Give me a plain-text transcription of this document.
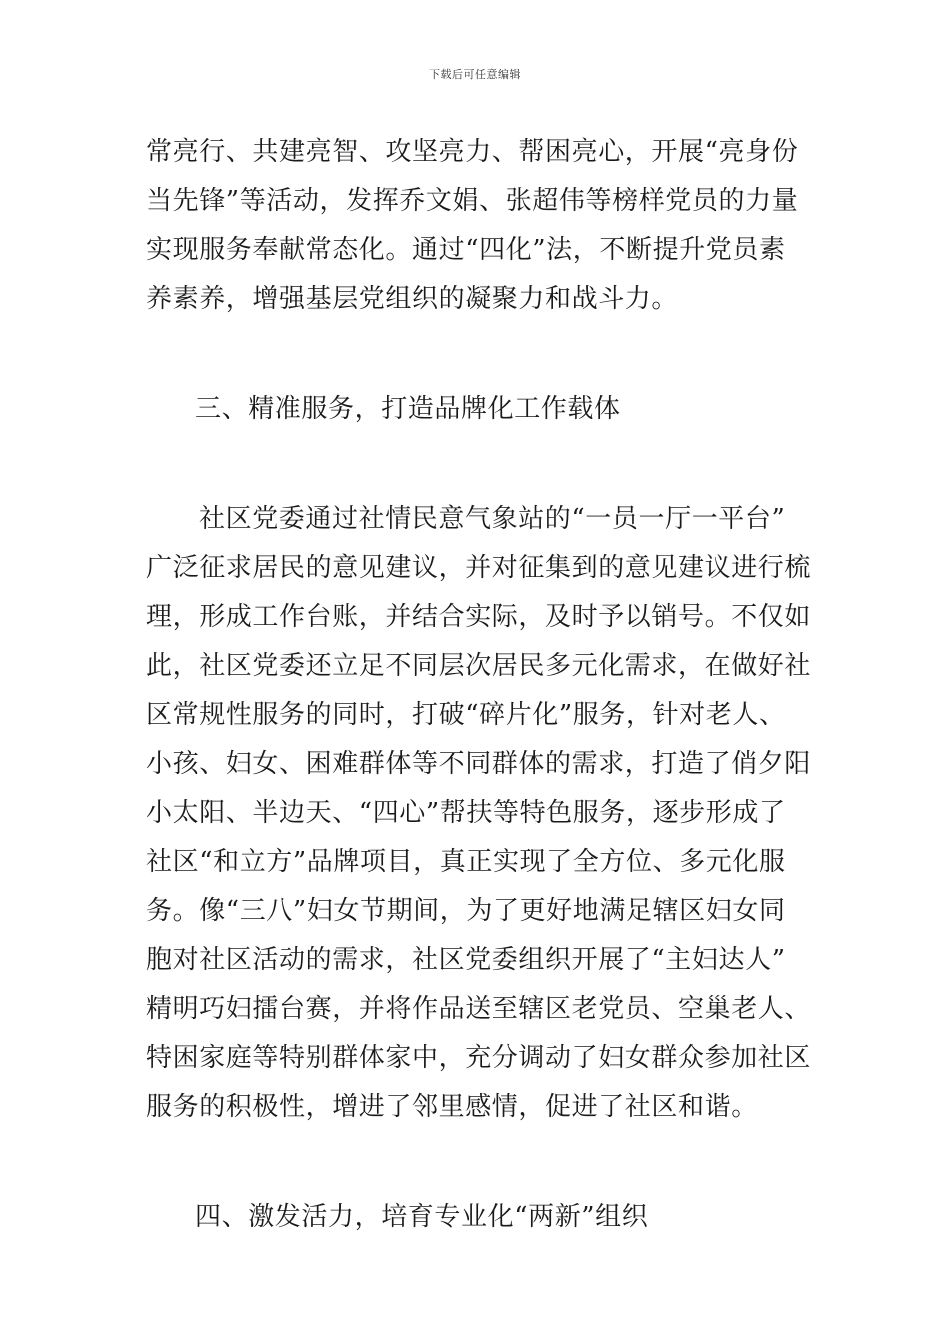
下载后可任意编辑
常亮行、共建亮智、攻坚亮力、帮困亮心，开展“亮身份
当先锋”等活动，发挥乔文娟、张超伟等榜样党员的力量
实现服务奉献常态化。通过“四化”法，不断提升党员素
养素养，增强基层党组织的凝聚力和战斗力。
三、精准服务，打造品牌化工作载体
社区党委通过社情民意气象站的“一员一厅一平台”
广泛征求居民的意见建议，并对征集到的意见建议进行梳
理，形成工作台账，并结合实际，及时予以销号。不仅如
此，社区党委还立足不同层次居民多元化需求，在做好社
区常规性服务的同时，打破“碎片化”服务，针对老人、
小孩、妇女、困难群体等不同群体的需求，打造了俏夕阳
小太阳、半边天、“四心”帮扶等特色服务，逐步形成了
社区“和立方”品牌项目，真正实现了全方位、多元化服
务。像“三八”妇女节期间，为了更好地满足辖区妇女同
胞对社区活动的需求，社区党委组织开展了“主妇达人”
精明巧妇擂台赛，并将作品送至辖区老党员、空巢老人、
特困家庭等特别群体家中，充分调动了妇女群众参加社区
服务的积极性，增进了邻里感情，促进了社区和谐。
四、激发活力，培育专业化“两新”组织
